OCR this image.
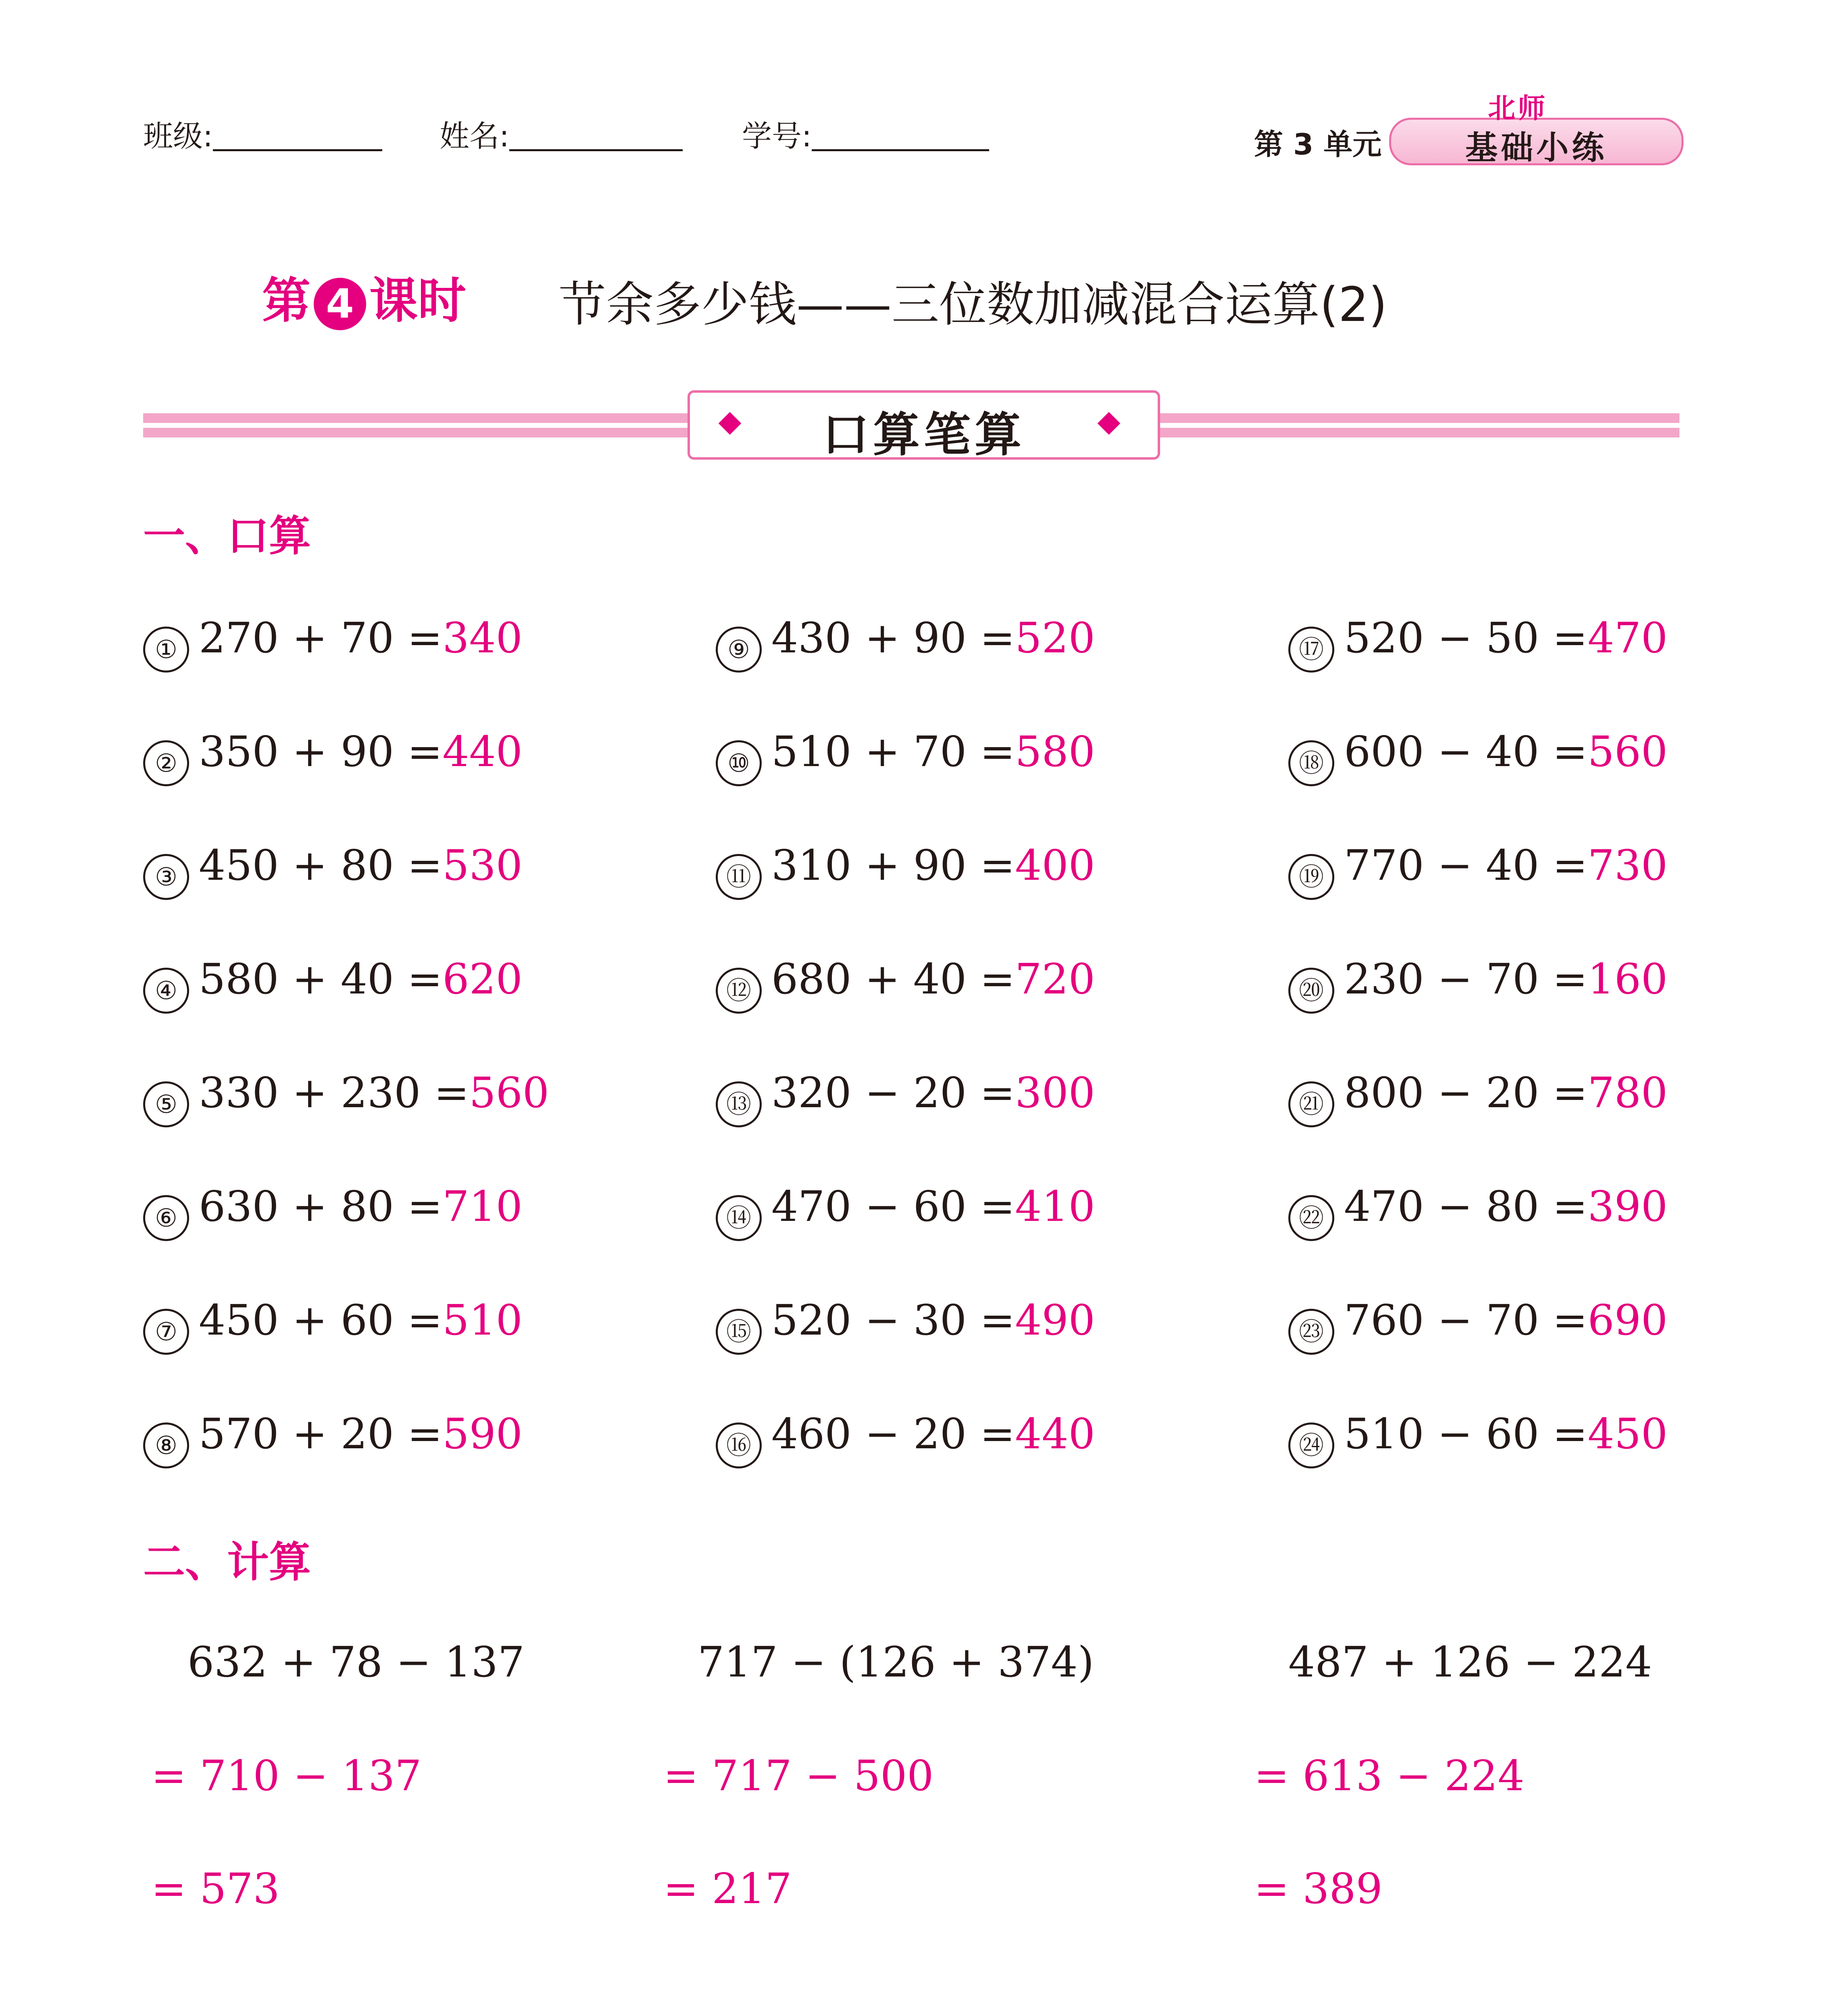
班级:	姓名:	学号:	第 3 单元
北师
基础小练
第 4 课时 节余多少钱——三位数加减混合运算(2)
口算笔算
一、口算
① 270 + 70 =340
② 350 + 90 =440
③ 450 + 80 =530
④ 580 + 40 =620
⑤ 330 + 230 =560
⑥ 630 + 80 =710
⑦ 450 + 60 =510
⑧ 570 + 20 =590
⑨ 430 + 90 =520
⑩ 510 + 70 =580
⑪ 310 + 90 =400
⑫ 680 + 40 =720
⑬ 320 − 20 =300
⑭ 470 − 60 =410
⑮ 520 − 30 =490
⑯ 460 − 20 =440
⑰ 520 − 50 =470
⑱ 600 − 40 =560
⑲ 770 − 40 =730
⑳ 230 − 70 =160
㉑ 800 − 20 =780
㉒ 470 − 80 =390
㉓ 760 − 70 =690
㉔ 510 − 60 =450
二、计算
632 + 78 − 137
= 710 − 137
= 573
717 − (126 + 374)
= 717 − 500
= 217
487 + 126 − 224
= 613 − 224
= 389
